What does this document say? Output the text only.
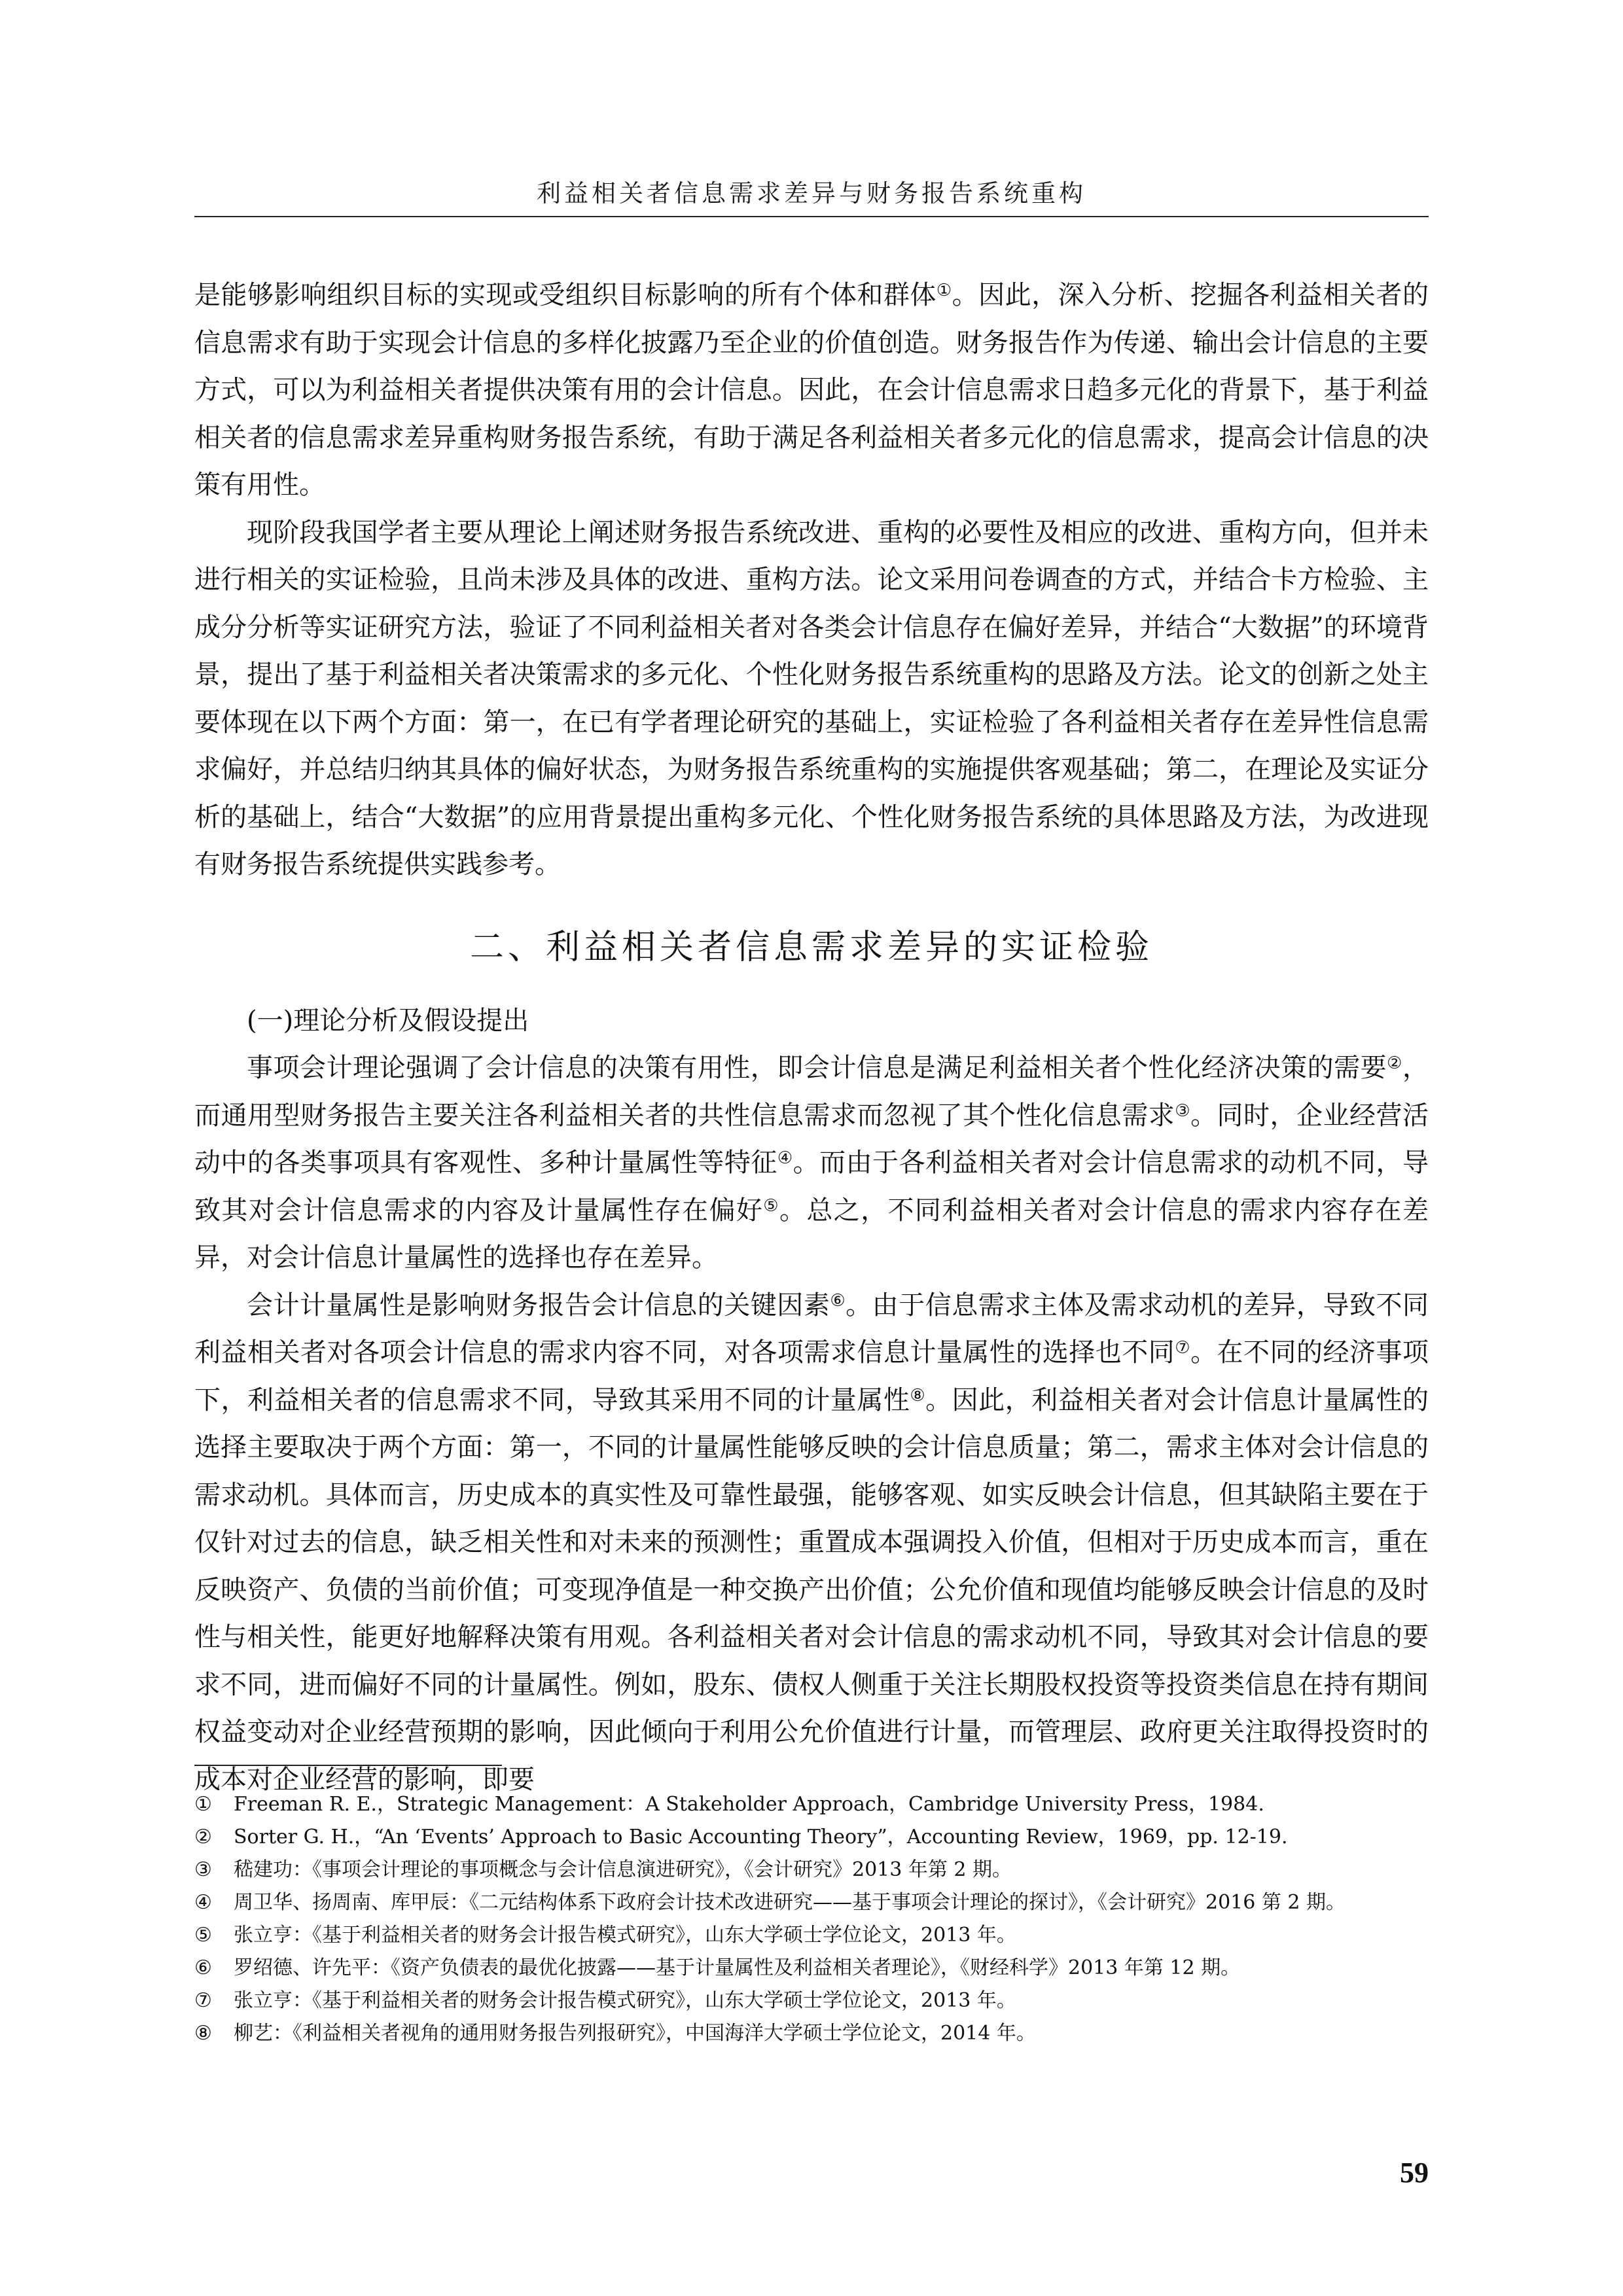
利益相关者信息需求差异与财务报告系统重构

是能够影响组织目标的实现或受组织目标影响的所有个体和群体①。因此，深入分析、挖掘各利益相关者的信息需求有助于实现会计信息的多样化披露乃至企业的价值创造。财务报告作为传递、输出会计信息的主要方式，可以为利益相关者提供决策有用的会计信息。因此，在会计信息需求日趋多元化的背景下，基于利益相关者的信息需求差异重构财务报告系统，有助于满足各利益相关者多元化的信息需求，提高会计信息的决策有用性。

现阶段我国学者主要从理论上阐述财务报告系统改进、重构的必要性及相应的改进、重构方向，但并未进行相关的实证检验，且尚未涉及具体的改进、重构方法。论文采用问卷调查的方式，并结合卡方检验、主成分分析等实证研究方法，验证了不同利益相关者对各类会计信息存在偏好差异，并结合“大数据”的环境背景，提出了基于利益相关者决策需求的多元化、个性化财务报告系统重构的思路及方法。论文的创新之处主要体现在以下两个方面：第一，在已有学者理论研究的基础上，实证检验了各利益相关者存在差异性信息需求偏好，并总结归纳其具体的偏好状态，为财务报告系统重构的实施提供客观基础；第二，在理论及实证分析的基础上，结合“大数据”的应用背景提出重构多元化、个性化财务报告系统的具体思路及方法，为改进现有财务报告系统提供实践参考。

二、利益相关者信息需求差异的实证检验

(一)理论分析及假设提出

事项会计理论强调了会计信息的决策有用性，即会计信息是满足利益相关者个性化经济决策的需要②，而通用型财务报告主要关注各利益相关者的共性信息需求而忽视了其个性化信息需求③。同时，企业经营活动中的各类事项具有客观性、多种计量属性等特征④。而由于各利益相关者对会计信息需求的动机不同，导致其对会计信息需求的内容及计量属性存在偏好⑤。总之，不同利益相关者对会计信息的需求内容存在差异，对会计信息计量属性的选择也存在差异。

会计计量属性是影响财务报告会计信息的关键因素⑥。由于信息需求主体及需求动机的差异，导致不同利益相关者对各项会计信息的需求内容不同，对各项需求信息计量属性的选择也不同⑦。在不同的经济事项下，利益相关者的信息需求不同，导致其采用不同的计量属性⑧。因此，利益相关者对会计信息计量属性的选择主要取决于两个方面：第一，不同的计量属性能够反映的会计信息质量；第二，需求主体对会计信息的需求动机。具体而言，历史成本的真实性及可靠性最强，能够客观、如实反映会计信息，但其缺陷主要在于仅针对过去的信息，缺乏相关性和对未来的预测性；重置成本强调投入价值，但相对于历史成本而言，重在反映资产、负债的当前价值；可变现净值是一种交换产出价值；公允价值和现值均能够反映会计信息的及时性与相关性，能更好地解释决策有用观。各利益相关者对会计信息的需求动机不同，导致其对会计信息的要求不同，进而偏好不同的计量属性。例如，股东、债权人侧重于关注长期股权投资等投资类信息在持有期间权益变动对企业经营预期的影响，因此倾向于利用公允价值进行计量，而管理层、政府更关注取得投资时的成本对企业经营的影响，即要

①	Freeman R. E.，Strategic Management：A Stakeholder Approach，Cambridge University Press，1984.
②	Sorter G. H.，“An ‘Events’ Approach to Basic Accounting Theory”，Accounting Review，1969，pp. 12-19.
③	嵇建功：《事项会计理论的事项概念与会计信息演进研究》，《会计研究》2013 年第 2 期。
④	周卫华、扬周南、库甲辰：《二元结构体系下政府会计技术改进研究——基于事项会计理论的探讨》，《会计研究》2016 第 2 期。
⑤	张立亨：《基于利益相关者的财务会计报告模式研究》，山东大学硕士学位论文，2013 年。
⑥	罗绍德、许先平：《资产负债表的最优化披露——基于计量属性及利益相关者理论》，《财经科学》2013 年第 12 期。
⑦	张立亨：《基于利益相关者的财务会计报告模式研究》，山东大学硕士学位论文，2013 年。
⑧	柳艺：《利益相关者视角的通用财务报告列报研究》，中国海洋大学硕士学位论文，2014 年。
59
